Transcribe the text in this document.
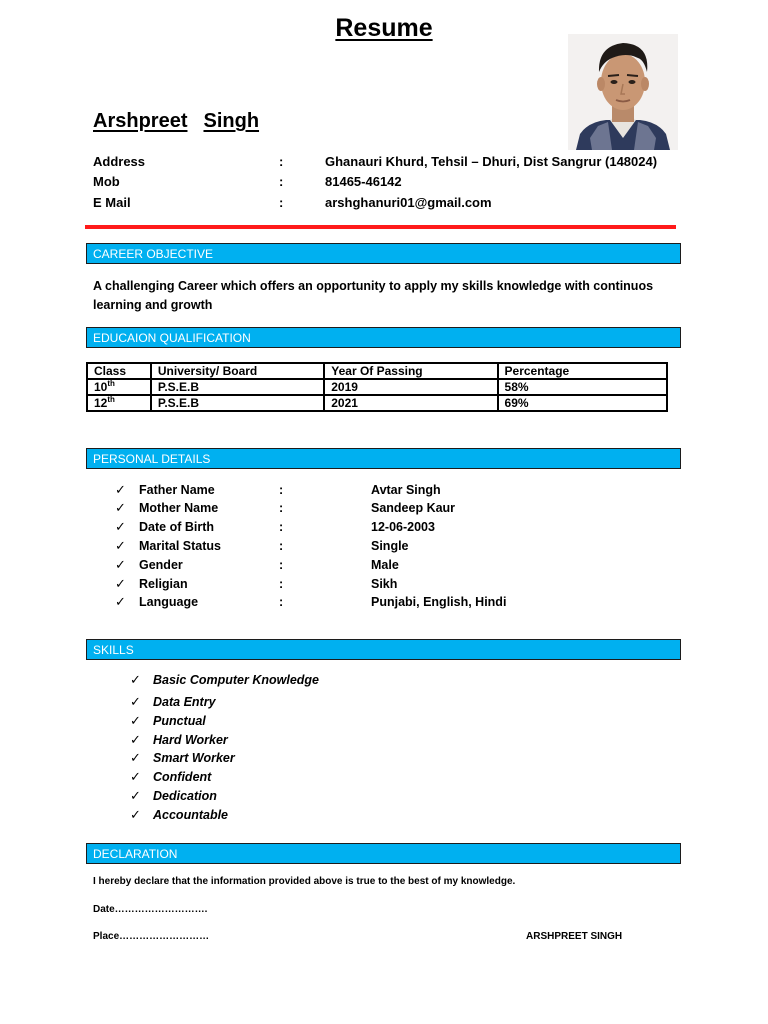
Resume
Arshpreet Singh
Address	:	Ghanauri Khurd, Tehsil – Dhuri, Dist Sangrur (148024)
Mob	:	81465-46142
E Mail	:	arshghanuri01@gmail.com
CAREER OBJECTIVE
A challenging Career which offers an opportunity to apply my skills knowledge with continuos learning and growth
EDUCAION QUALIFICATION
Class	University/ Board	Year Of Passing	Percentage
10th	P.S.E.B	2019	58%
12th	P.S.E.B	2021	69%
PERSONAL DETAILS
✓ Father Name	:	Avtar Singh
✓ Mother Name	:	Sandeep Kaur
✓ Date of Birth	:	12-06-2003
✓ Marital Status	:	Single
✓ Gender	:	Male
✓ Religian	:	Sikh
✓ Language	:	Punjabi, English, Hindi
SKILLS
✓ Basic Computer Knowledge
✓ Data Entry
✓ Punctual
✓ Hard Worker
✓ Smart Worker
✓ Confident
✓ Dedication
✓ Accountable
DECLARATION
I hereby declare that the information provided above is true to the best of my knowledge.
Date……………………….
Place………………………	ARSHPREET SINGH
